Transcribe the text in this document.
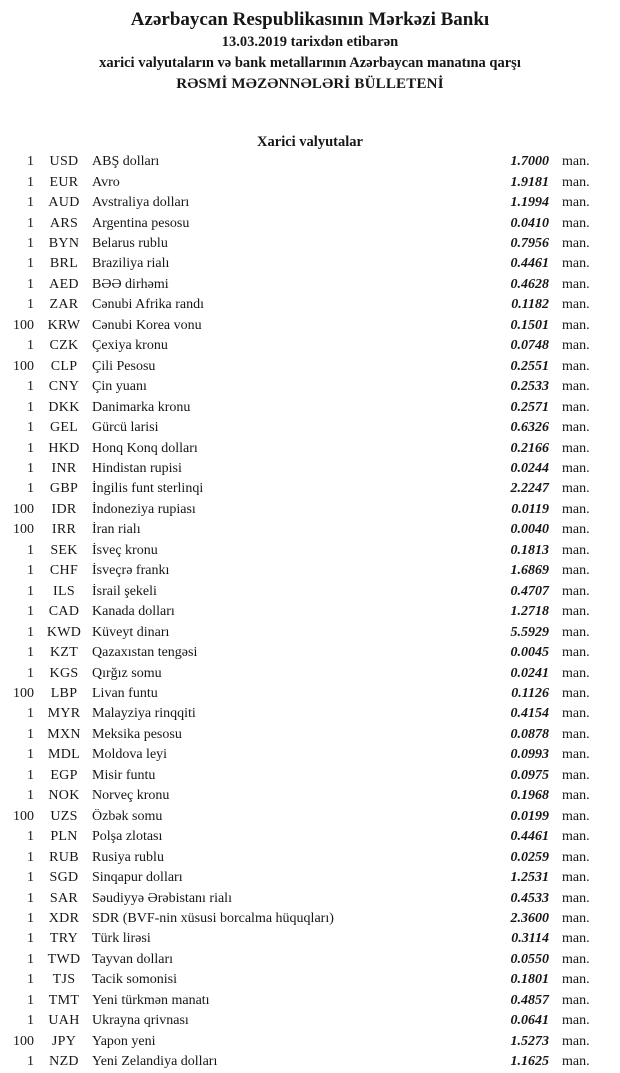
Azərbaycan Respublikasının Mərkəzi Bankı
13.03.2019 tarixdən etibarən
xarici valyutaların və bank metallarının Azərbaycan manatına qarşı
RƏSMİ MƏZƏNNƏLƏRİ BÜLLETENİ
Xarici valyutalar
1	USD ABŞ dolları	1.7000 man.
1	EUR Avro	1.9181 man.
1	AUD Avstraliya dolları	1.1994 man.
1	ARS Argentina pesosu	0.0410 man.
1	BYN Belarus rublu	0.7956 man.
1	BRL Braziliya rialı	0.4461 man.
1	AED BƏƏ dirhəmi	0.4628 man.
1	ZAR Cənubi Afrika randı	0.1182 man.
100 KRW Cənubi Korea vonu	0.1501 man.
1	CZK Çexiya kronu	0.0748 man.
100	CLP	Çili Pesosu	0.2551 man.
1	CNY Çin yuanı	0.2533 man.
1	DKK Danimarka kronu	0.2571 man.
1	GEL Gürcü larisi	0.6326 man.
1	HKD Honq Konq dolları	0.2166 man.
1	INR	Hindistan rupisi	0.0244 man.
1	GBP İngilis funt sterlinqi	2.2247 man.
100	IDR	İndoneziya rupiası	0.0119 man.
100	IRR	İran rialı	0.0040 man.
1	SEK	İsveç kronu	0.1813 man.
1	CHF İsveçrə frankı	1.6869 man.
1	ILS	İsrail şekeli	0.4707 man.
1	CAD Kanada dolları	1.2718 man.
1 KWD Küveyt dinarı	5.5929 man.
1	KZT Qazaxıstan tengəsi	0.0045 man.
1	KGS Qırğız somu	0.0241 man.
100	LBP	Livan funtu	0.1126 man.
1 MYR Malayziya rinqqiti	0.4154 man.
1 MXN Meksika pesosu	0.0878 man.
1 MDL Moldova leyi	0.0993 man.
1	EGP	Misir funtu	0.0975 man.
1	NOK Norveç kronu	0.1968 man.
100	UZS	Özbək somu	0.0199 man.
1	PLN	Polşa zlotası	0.4461 man.
1	RUB Rusiya rublu	0.0259 man.
1	SGD Sinqapur dolları	1.2531 man.
1	SAR Səudiyyə Ərəbistanı rialı	0.4533 man.
1	XDR SDR (BVF-nin xüsusi borcalma hüquqları)	2.3600 man.
1	TRY Türk lirəsi	0.3114 man.
1 TWD Tayvan dolları	0.0550 man.
1	TJS	Tacik somonisi	0.1801 man.
1	TMT Yeni türkmən manatı	0.4857 man.
1	UAH Ukrayna qrivnası	0.0641 man.
100	JPY	Yapon yeni	1.5273 man.
1	NZD Yeni Zelandiya dolları	1.1625 man.
